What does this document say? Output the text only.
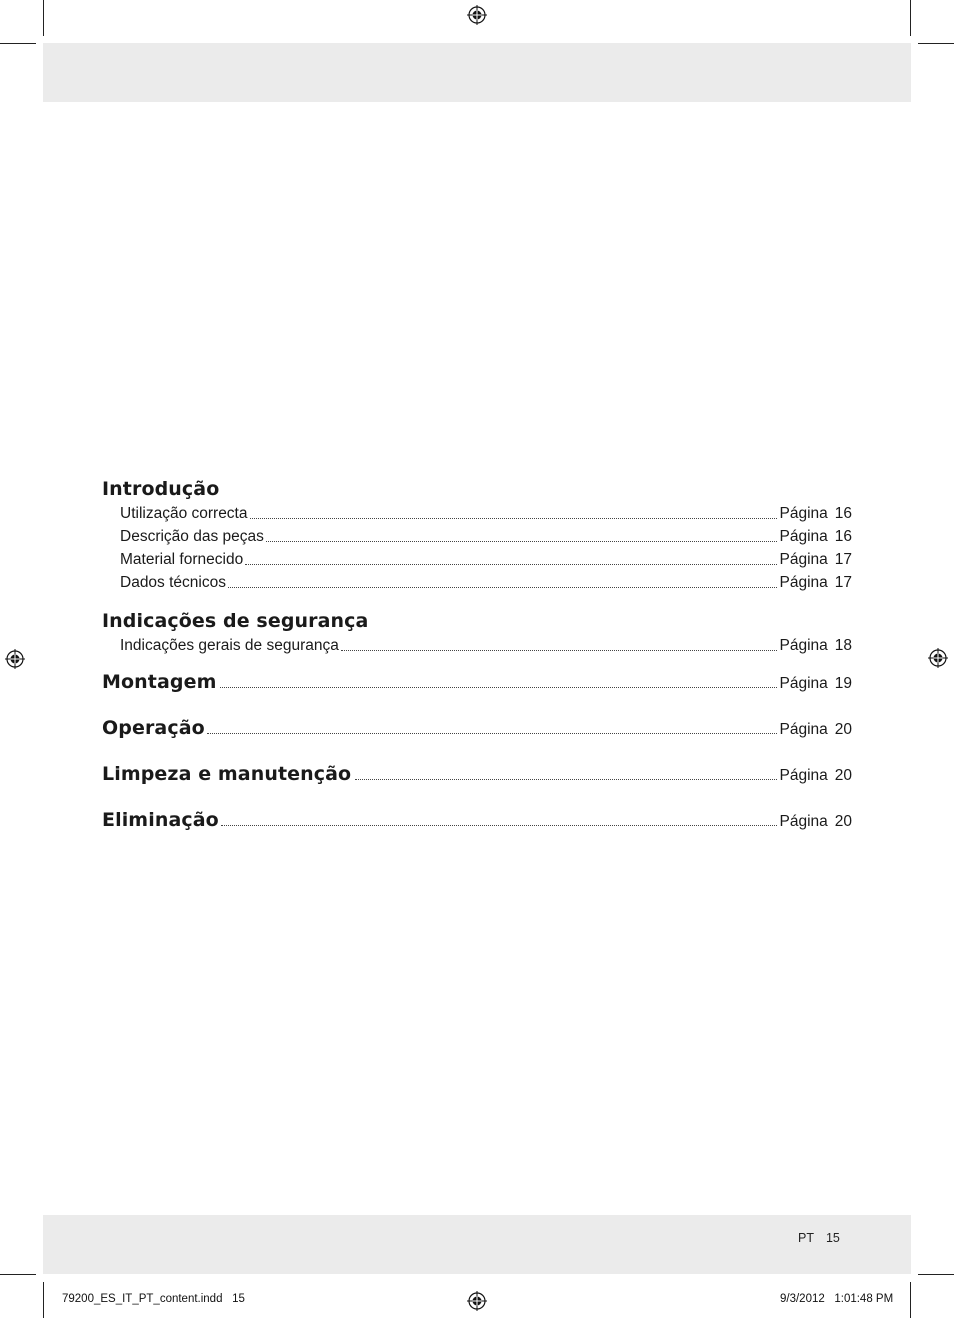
Introdução
Utilização correcta	Página 16
Descrição das peças	Página 16
Material fornecido	Página 17
Dados técnicos	Página 17
Indicações de segurança
Indicações gerais de segurança	Página 18
Montagem	Página 19
Operação	Página 20
Limpeza e manutenção	Página 20
Eliminação	Página 20
PT 15
79200_ES_IT_PT_content.indd   15	9/3/2012   1:01:48 PM
